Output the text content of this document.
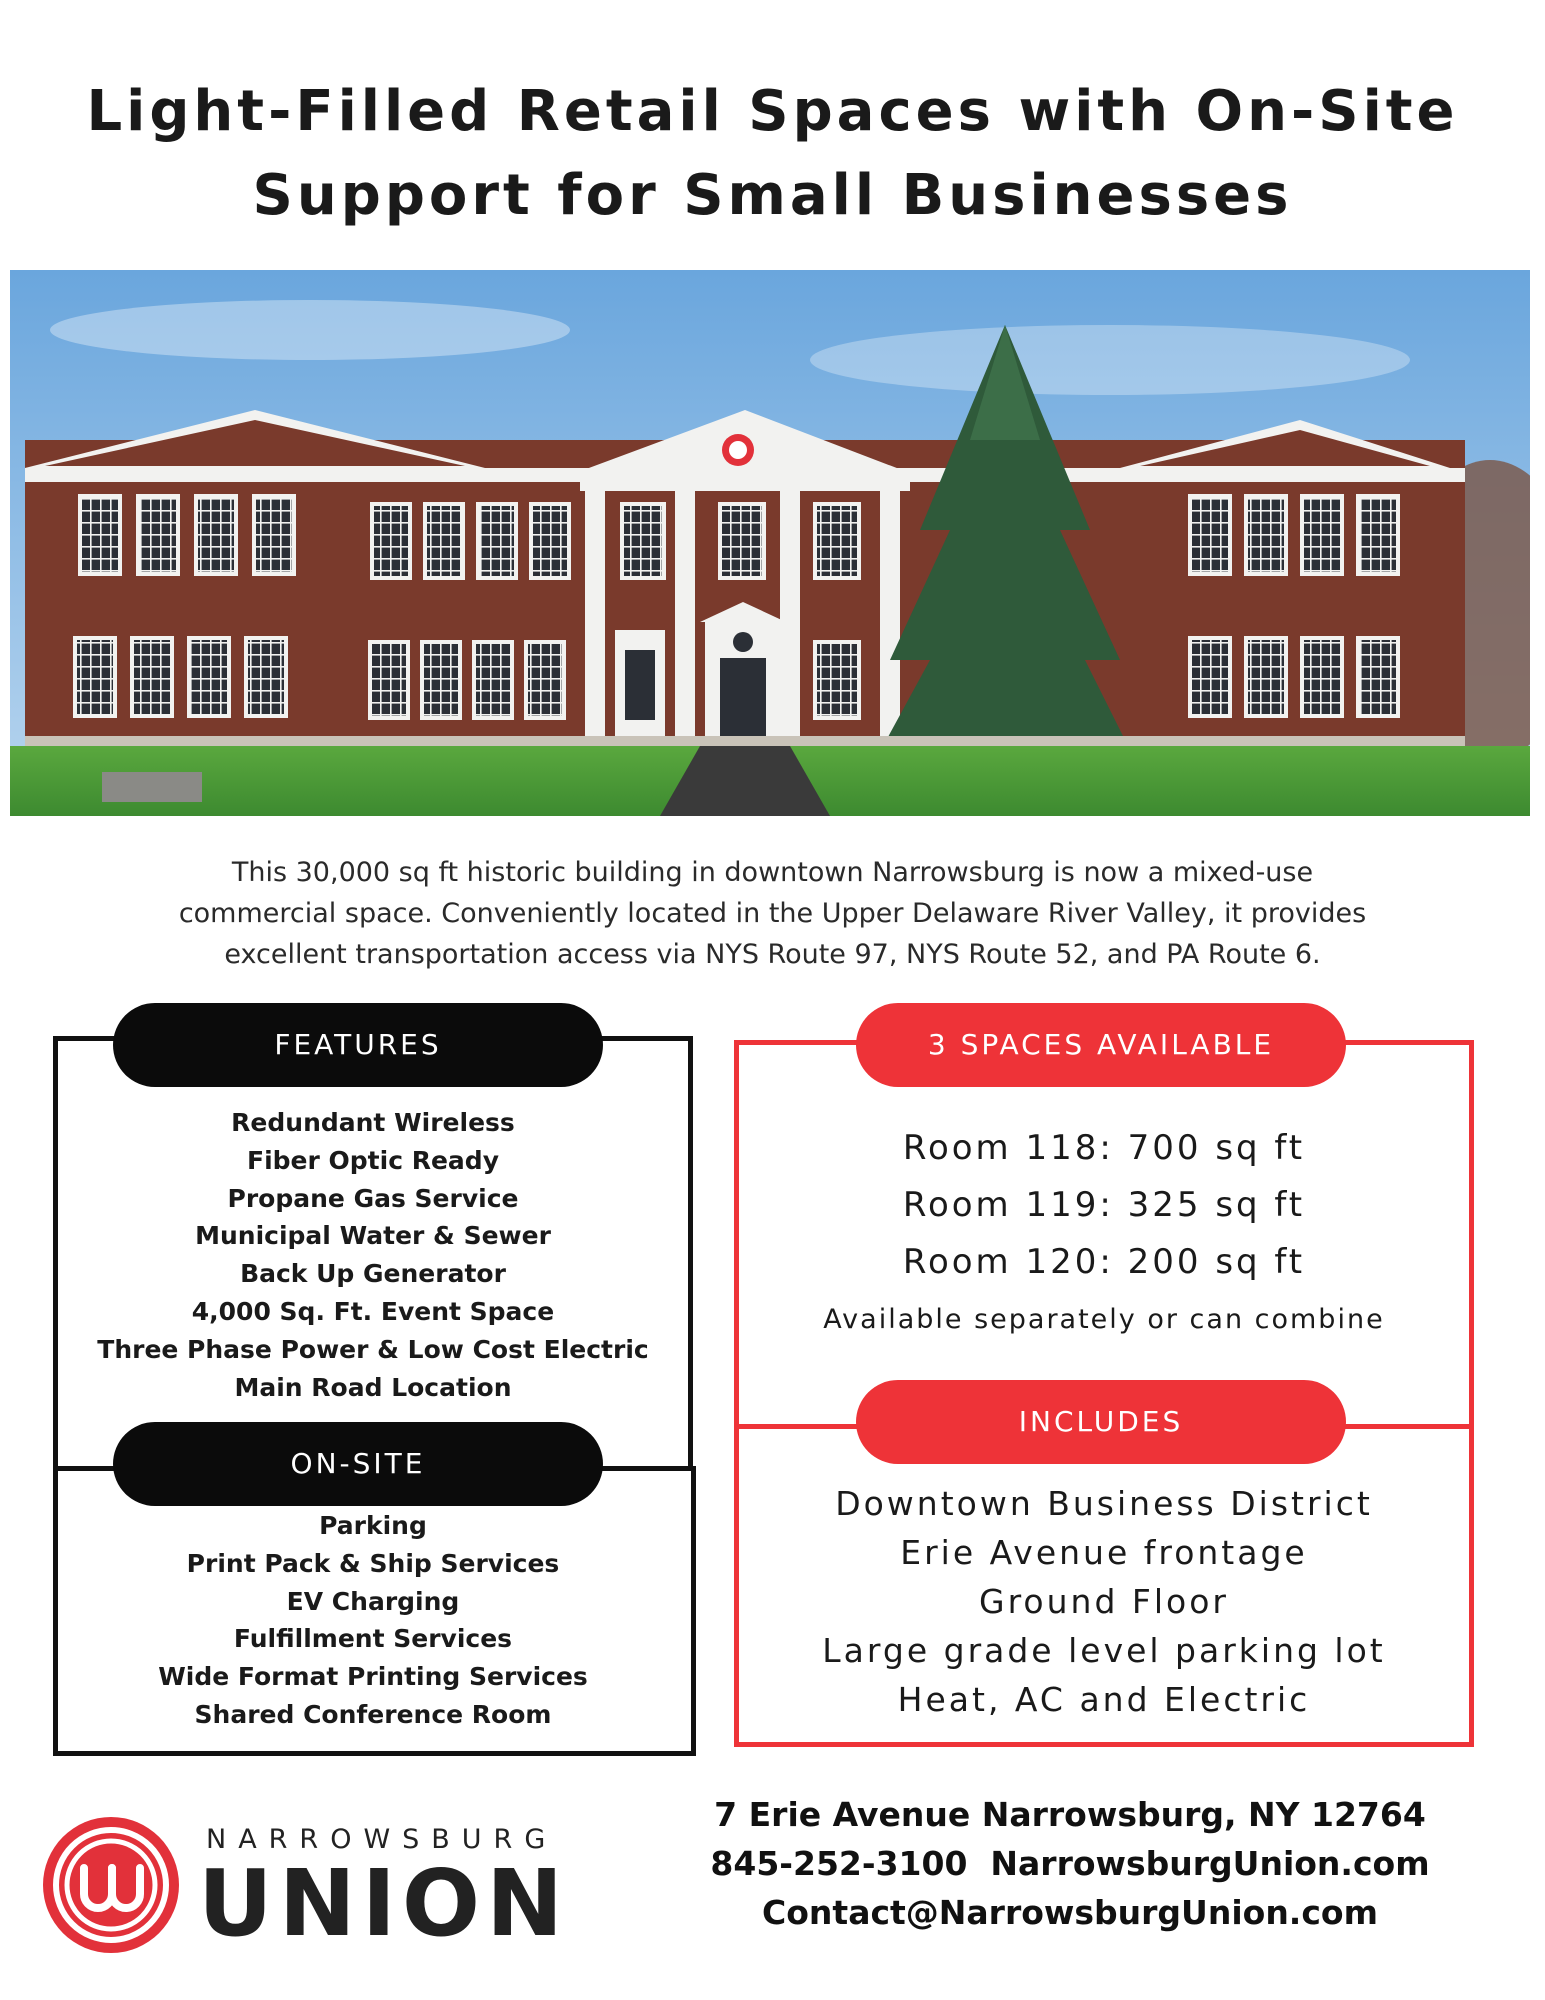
Light-Filled Retail Spaces with On-Site
Support for Small Businesses
This 30,000 sq ft historic building in downtown Narrowsburg is now a mixed-use
commercial space. Conveniently located in the Upper Delaware River Valley, it provides
excellent transportation access via NYS Route 97, NYS Route 52, and PA Route 6.
FEATURES
Redundant Wireless
Fiber Optic Ready
Propane Gas Service
Municipal Water & Sewer
Back Up Generator
4,000 Sq. Ft. Event Space
Three Phase Power & Low Cost Electric
Main Road Location
ON-SITE
Parking
Print Pack & Ship Services
EV Charging
Fulfillment Services
Wide Format Printing Services
Shared Conference Room
3 SPACES AVAILABLE
Room 118: 700 sq ft
Room 119: 325 sq ft
Room 120: 200 sq ft
Available separately or can combine
INCLUDES
Downtown Business District
Erie Avenue frontage
Ground Floor
Large grade level parking lot
Heat, AC and Electric
NARROWSBURG
UNION
7 Erie Avenue Narrowsburg, NY 12764
845-252-3100  NarrowsburgUnion.com
Contact@NarrowsburgUnion.com
